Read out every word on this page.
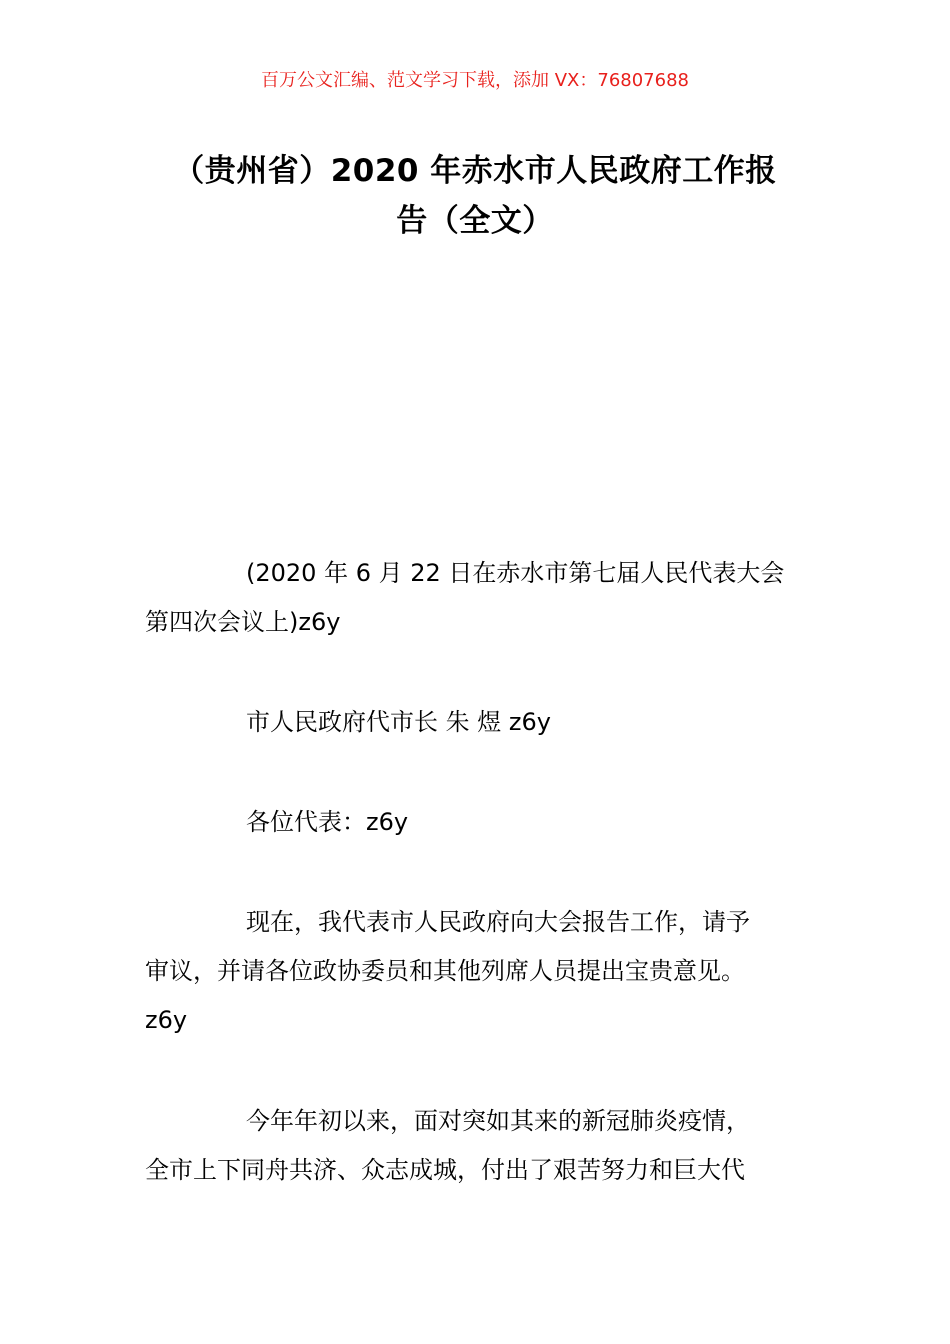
百万公文汇编、范文学习下载，添加 VX：76807688
（贵州省）2020 年赤水市人民政府工作报
告（全文）
(2020 年 6 月 22 日在赤水市第七届人民代表大会
第四次会议上)z6y
市人民政府代市长 朱 煜 z6y
各位代表：z6y
现在，我代表市人民政府向大会报告工作，请予
审议，并请各位政协委员和其他列席人员提出宝贵意见。
z6y
今年年初以来，面对突如其来的新冠肺炎疫情，
全市上下同舟共济、众志成城，付出了艰苦努力和巨大代
